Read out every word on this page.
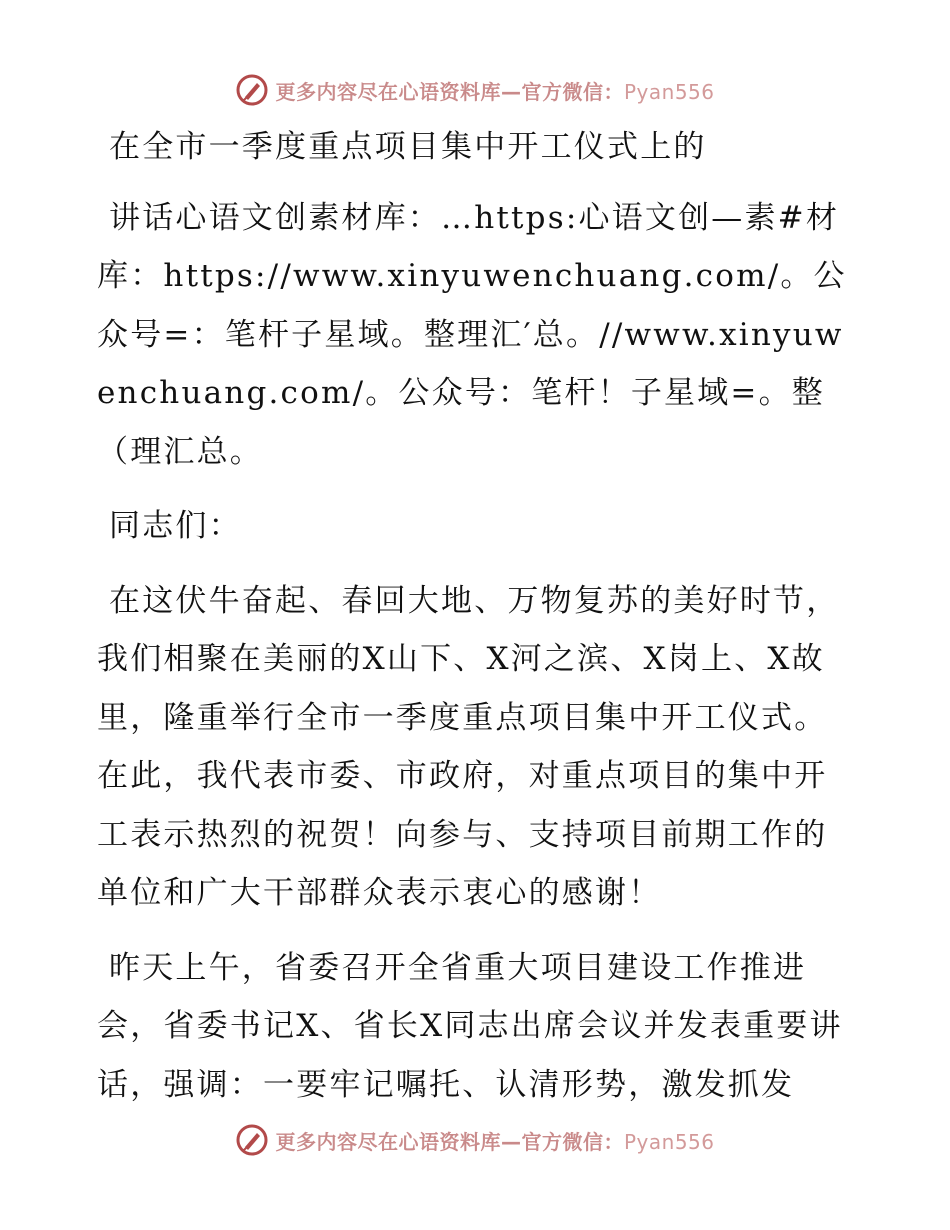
更多内容尽在心语资料库—官方微信：Pyan556

在全市一季度重点项目集中开工仪式上的

讲话心语文创素材库：…https:心语文创—素#材库：https://www.xinyuwenchuang.com/。公众号=：笔杆子星域。整理汇′总。//www.xinyuwenchuang.com/。公众号：笔杆！子星域=。整（理汇总。

同志们：

在这伏牛奋起、春回大地、万物复苏的美好时节，我们相聚在美丽的X山下、X河之滨、X岗上、X故里，隆重举行全市一季度重点项目集中开工仪式。在此，我代表市委、市政府，对重点项目的集中开工表示热烈的祝贺！向参与、支持项目前期工作的单位和广大干部群众表示衷心的感谢！

昨天上午，省委召开全省重大项目建设工作推进会，省委书记X、省长X同志出席会议并发表重要讲话，强调：一要牢记嘱托、认清形势，激发抓发

更多内容尽在心语资料库—官方微信：Pyan556
